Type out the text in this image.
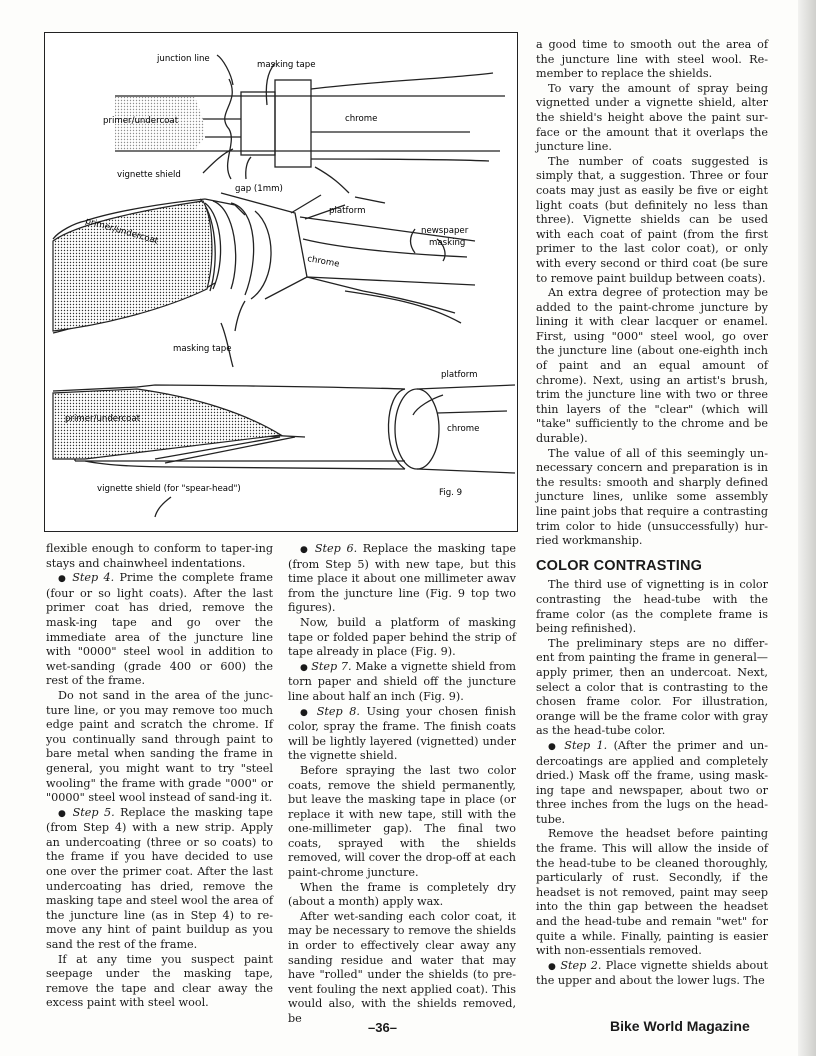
junction line
masking tape
primer/undercoat	chrome
vignette shield
gap (1mm)
platform
primer/undercoat	newspaper
masking
chrome
masking tape
platform
primer/undercoat
chrome
vignette shield (for "spear-head")	Fig. 9

flexible enough to conform to taper-ing stays and chainwheel indentations.

● Step 4. Prime the complete frame (four or so light coats). After the last primer coat has dried, remove the mask-ing tape and go over the immediate area of the juncture line with "0000" steel wool in addition to wet-sanding (grade 400 or 600) the rest of the frame.

Do not sand in the area of the junc-ture line, or you may remove too much edge paint and scratch the chrome. If you continually sand through paint to bare metal when sanding the frame in general, you might want to try "steel wooling" the frame with grade "000" or "0000" steel wool instead of sand-ing it.

● Step 5. Replace the masking tape (from Step 4) with a new strip. Apply an undercoating (three or so coats) to the frame if you have decided to use one over the primer coat. After the last undercoating has dried, remove the masking tape and steel wool the area of the juncture line (as in Step 4) to re-move any hint of paint buildup as you sand the rest of the frame.

If at any time you suspect paint seepage under the masking tape, remove the tape and clear away the excess paint with steel wool.

● Step 6. Replace the masking tape (from Step 5) with new tape, but this time place it about one millimeter awav from the juncture line (Fig. 9 top two figures).

Now, build a platform of masking tape or folded paper behind the strip of tape already in place (Fig. 9).

● Step 7. Make a vignette shield from torn paper and shield off the juncture line about half an inch (Fig. 9).

● Step 8. Using your chosen finish color, spray the frame. The finish coats will be lightly layered (vignetted) under the vignette shield.

Before spraying the last two color coats, remove the shield permanently, but leave the masking tape in place (or replace it with new tape, still with the one-millimeter gap). The final two coats, sprayed with the shields removed, will cover the drop-off at each paint-chrome juncture.

When the frame is completely dry (about a month) apply wax.

After wet-sanding each color coat, it may be necessary to remove the shields in order to effectively clear away any sanding residue and water that may have "rolled" under the shields (to pre-vent fouling the next applied coat). This would also, with the shields removed, be

a good time to smooth out the area of the juncture line with steel wool. Re-member to replace the shields.

To vary the amount of spray being vignetted under a vignette shield, alter the shield's height above the paint sur-face or the amount that it overlaps the juncture line.

The number of coats suggested is simply that, a suggestion. Three or four coats may just as easily be five or eight light coats (but definitely no less than three). Vignette shields can be used with each coat of paint (from the first primer to the last color coat), or only with every second or third coat (be sure to remove paint buildup between coats).

An extra degree of protection may be added to the paint-chrome juncture by lining it with clear lacquer or enamel. First, using "000" steel wool, go over the juncture line (about one-eighth inch of paint and an equal amount of chrome). Next, using an artist's brush, trim the juncture line with two or three thin layers of the "clear" (which will "take" sufficiently to the chrome and be durable).

The value of all of this seemingly un-necessary concern and preparation is in the results: smooth and sharply defined juncture lines, unlike some assembly line paint jobs that require a contrasting trim color to hide (unsuccessfully) hur-ried workmanship.

COLOR CONTRASTING

The third use of vignetting is in color contrasting the head-tube with the frame color (as the complete frame is being refinished).

The preliminary steps are no differ-ent from painting the frame in general—apply primer, then an undercoat. Next, select a color that is contrasting to the chosen frame color. For illustration, orange will be the frame color with gray as the head-tube color.

● Step 1. (After the primer and un-dercoatings are applied and completely dried.) Mask off the frame, using mask-ing tape and newspaper, about two or three inches from the lugs on the head-tube.

Remove the headset before painting the frame. This will allow the inside of the head-tube to be cleaned thoroughly, particularly of rust. Secondly, if the headset is not removed, paint may seep into the thin gap between the headset and the head-tube and remain "wet" for quite a while. Finally, painting is easier with non-essentials removed.

● Step 2. Place vignette shields about the upper and about the lower lugs. The

–36–	Bike World Magazine
